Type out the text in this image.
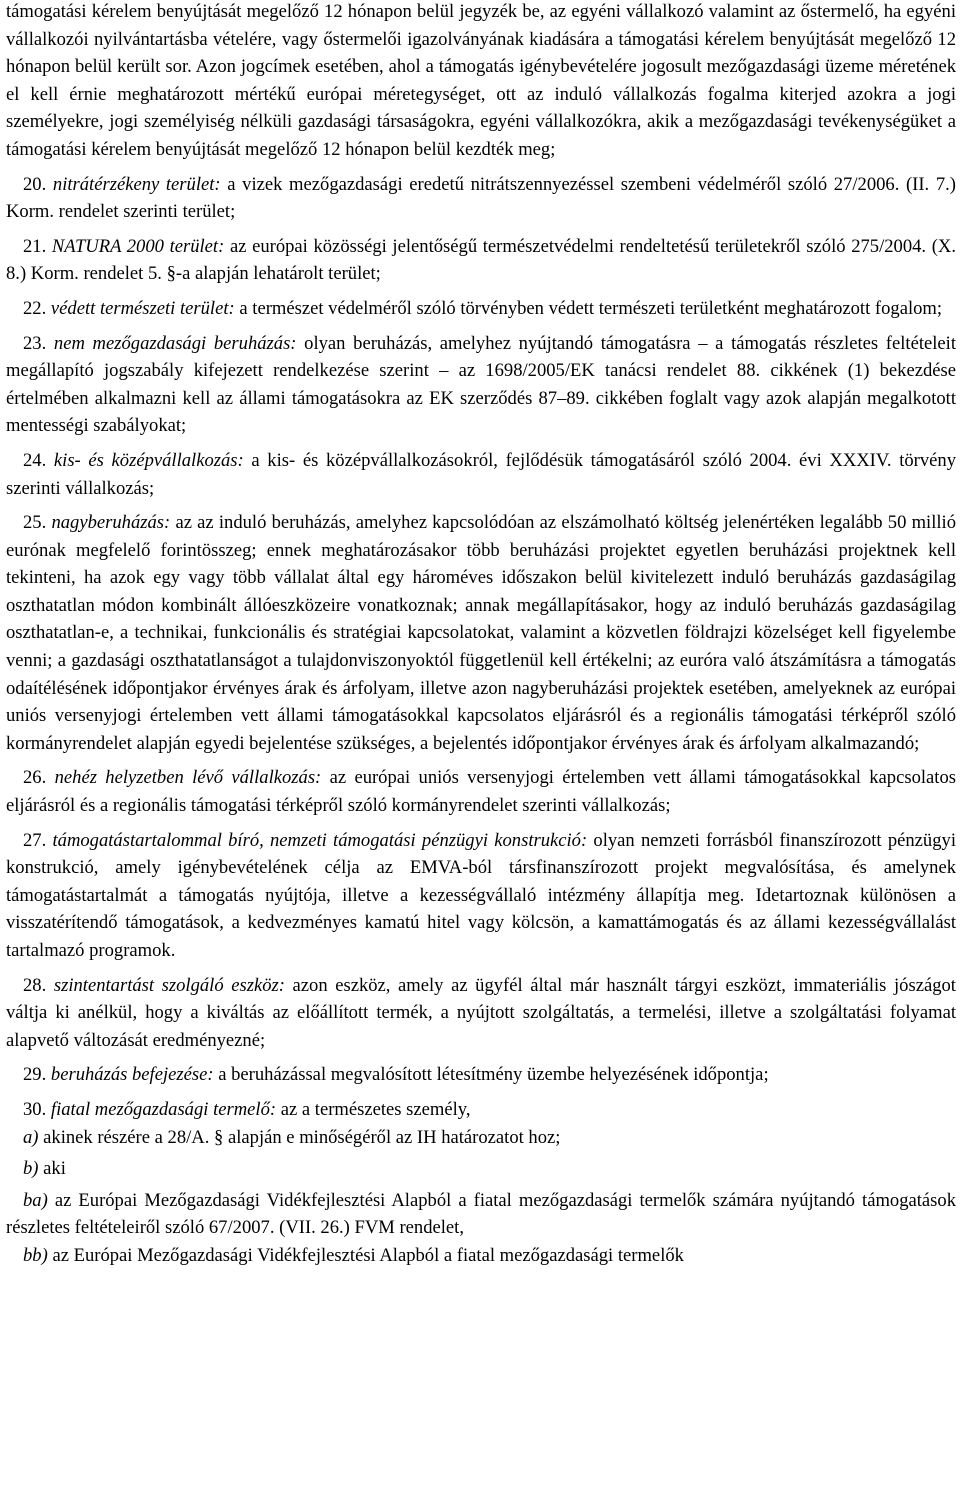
támogatási kérelem benyújtását megelőző 12 hónapon belül jegyzék be, az egyéni vállalkozó valamint az őstermelő, ha egyéni vállalkozói nyilvántartásba vételére, vagy őstermelői igazolványának kiadására a támogatási kérelem benyújtását megelőző 12 hónapon belül került sor. Azon jogcímek esetében, ahol a támogatás igénybevételére jogosult mezőgazdasági üzeme méretének el kell érnie meghatározott mértékű európai méretegységet, ott az induló vállalkozás fogalma kiterjed azokra a jogi személyekre, jogi személyiség nélküli gazdasági társaságokra, egyéni vállalkozókra, akik a mezőgazdasági tevékenységüket a támogatási kérelem benyújtását megelőző 12 hónapon belül kezdték meg;

20. nitrátérzékeny terület: a vizek mezőgazdasági eredetű nitrátszennyezéssel szembeni védelméről szóló 27/2006. (II. 7.) Korm. rendelet szerinti terület;

21. NATURA 2000 terület: az európai közösségi jelentőségű természetvédelmi rendeltetésű területekről szóló 275/2004. (X. 8.) Korm. rendelet 5. §-a alapján lehatárolt terület;

22. védett természeti terület: a természet védelméről szóló törvényben védett természeti területként meghatározott fogalom;

23. nem mezőgazdasági beruházás: olyan beruházás, amelyhez nyújtandó támogatásra – a támogatás részletes feltételeit megállapító jogszabály kifejezett rendelkezése szerint – az 1698/2005/EK tanácsi rendelet 88. cikkének (1) bekezdése értelmében alkalmazni kell az állami támogatásokra az EK szerződés 87–89. cikkében foglalt vagy azok alapján megalkotott mentességi szabályokat;

24. kis- és középvállalkozás: a kis- és középvállalkozásokról, fejlődésük támogatásáról szóló 2004. évi XXXIV. törvény szerinti vállalkozás;

25. nagyberuházás: az az induló beruházás, amelyhez kapcsolódóan az elszámolható költség jelenértéken legalább 50 millió eurónak megfelelő forintösszeg; ennek meghatározásakor több beruházási projektet egyetlen beruházási projektnek kell tekinteni, ha azok egy vagy több vállalat által egy hároméves időszakon belül kivitelezett induló beruházás gazdaságilag oszthatatlan módon kombinált állóeszközeire vonatkoznak; annak megállapításakor, hogy az induló beruházás gazdaságilag oszthatatlan-e, a technikai, funkcionális és stratégiai kapcsolatokat, valamint a közvetlen földrajzi közelséget kell figyelembe venni; a gazdasági oszthatatlanságot a tulajdonviszonyoktól függetlenül kell értékelni; az euróra való átszámításra a támogatás odaítélésének időpontjakor érvényes árak és árfolyam, illetve azon nagyberuházási projektek esetében, amelyeknek az európai uniós versenyjogi értelemben vett állami támogatásokkal kapcsolatos eljárásról és a regionális támogatási térképről szóló kormányrendelet alapján egyedi bejelentése szükséges, a bejelentés időpontjakor érvényes árak és árfolyam alkalmazandó;

26. nehéz helyzetben lévő vállalkozás: az európai uniós versenyjogi értelemben vett állami támogatásokkal kapcsolatos eljárásról és a regionális támogatási térképről szóló kormányrendelet szerinti vállalkozás;

27. támogatástartalommal bíró, nemzeti támogatási pénzügyi konstrukció: olyan nemzeti forrásból finanszírozott pénzügyi konstrukció, amely igénybevételének célja az EMVA-ból társfinanszírozott projekt megvalósítása, és amelynek támogatástartalmát a támogatás nyújtója, illetve a kezességvállaló intézmény állapítja meg. Idetartoznak különösen a visszatérítendő támogatások, a kedvezményes kamatú hitel vagy kölcsön, a kamattámogatás és az állami kezességvállalást tartalmazó programok.

28. szintentartást szolgáló eszköz: azon eszköz, amely az ügyfél által már használt tárgyi eszközt, immateriális jószágot váltja ki anélkül, hogy a kiváltás az előállított termék, a nyújtott szolgáltatás, a termelési, illetve a szolgáltatási folyamat alapvető változását eredményezné;

29. beruházás befejezése: a beruházással megvalósított létesítmény üzembe helyezésének időpontja;

30. fiatal mezőgazdasági termelő: az a természetes személy,

a) akinek részére a 28/A. § alapján e minőségéről az IH határozatot hoz;

b) aki

ba) az Európai Mezőgazdasági Vidékfejlesztési Alapból a fiatal mezőgazdasági termelők számára nyújtandó támogatások részletes feltételeiről szóló 67/2007. (VII. 26.) FVM rendelet,

bb) az Európai Mezőgazdasági Vidékfejlesztési Alapból a fiatal mezőgazdasági termelők
